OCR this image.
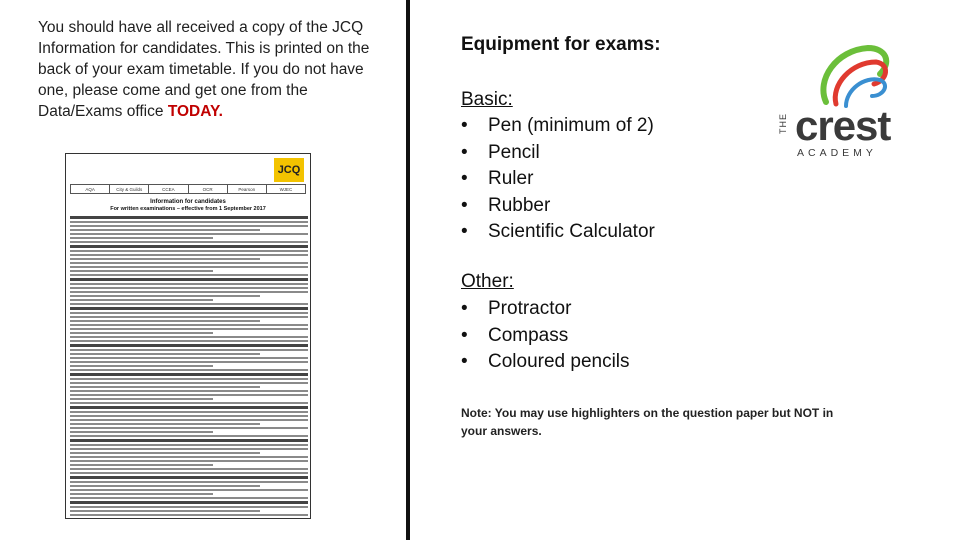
You should have all received a copy of the JCQ Information for candidates. This is printed on the back of your exam timetable. If you do not have one, please come and get one from the Data/Exams office TODAY.
JCQ
AQA	City & Guilds	CCEA	OCR	Pearson	WJEC
Information for candidates
For written examinations – effective from 1 September 2017
Equipment for exams:
Basic:
•	Pen (minimum of 2)
•	Pencil
•	Ruler
•	Rubber
•	Scientific Calculator
Other:
•	Protractor
•	Compass
•	Coloured pencils
Note: You may use highlighters on the question paper but NOT in your answers.
THE crest
ACADEMY
